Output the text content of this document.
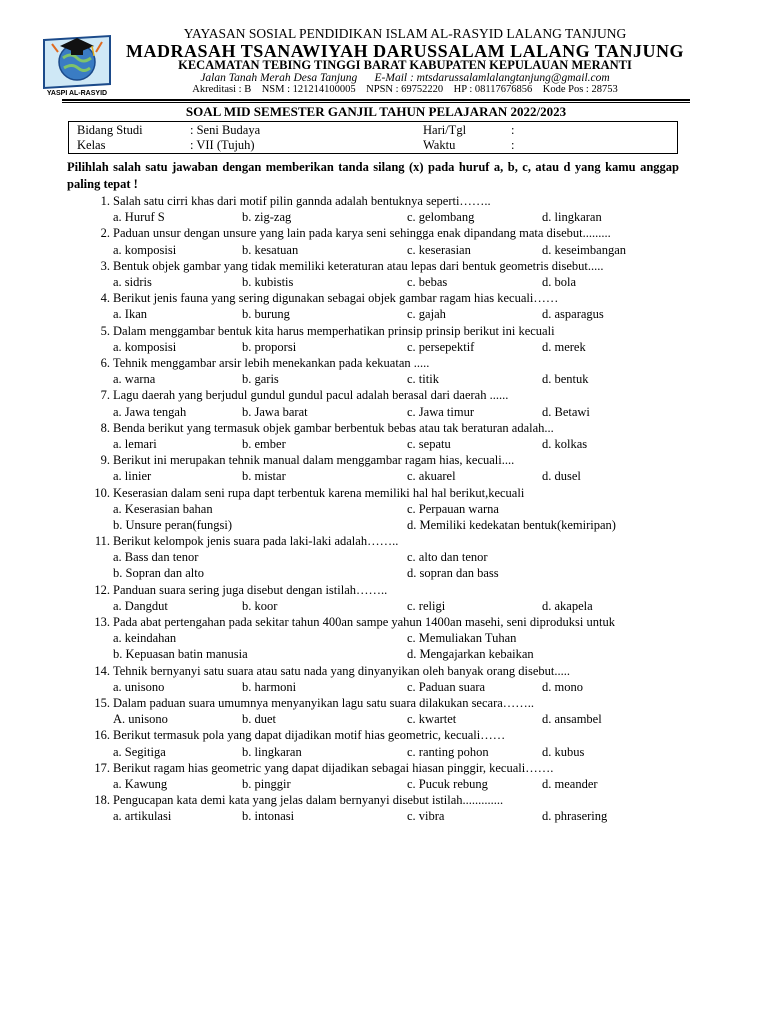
YASPI AL-RASYID
YAYASAN SOSIAL PENDIDIKAN ISLAM AL-RASYID LALANG TANJUNG
MADRASAH TSANAWIYAH DARUSSALAM LALANG TANJUNG
KECAMATAN TEBING TINGGI BARAT KABUPATEN KEPULAUAN MERANTI
Jalan Tanah Merah Desa Tanjung E-Mail : mtsdarussalamlalangtanjung@gmail.com
Akreditasi : B NSM : 121214100005 NPSN : 69752220 HP : 08117676856 Kode Pos : 28753
SOAL MID SEMESTER GANJIL TAHUN PELAJARAN 2022/2023
Bidang Studi	: Seni Budaya	Hari/Tgl	:
Kelas	: VII (Tujuh)	Waktu	:
Pilihlah salah satu jawaban dengan memberikan tanda silang (x) pada huruf a, b, c, atau d yang kamu anggap paling tepat !
1. Salah satu cirri khas dari motif pilin gannda adalah bentuknya seperti……..
a. Huruf S	b. zig-zag	c. gelombang	d. lingkaran
2. Paduan unsur dengan unsure yang lain pada karya seni sehingga enak dipandang mata disebut.........
a. komposisi	b. kesatuan	c. keserasian	d. keseimbangan
3. Bentuk objek gambar yang tidak memiliki keteraturan atau lepas dari bentuk geometris disebut.....
a. sidris	b. kubistis	c. bebas	d. bola
4. Berikut jenis fauna yang sering digunakan sebagai objek gambar ragam hias kecuali……
a. Ikan	b. burung	c. gajah	d. asparagus
5. Dalam menggambar bentuk kita harus memperhatikan prinsip prinsip berikut ini kecuali
a. komposisi	b. proporsi	c. persepektif	d. merek
6. Tehnik menggambar arsir lebih menekankan pada kekuatan .....
a. warna	b. garis	c. titik	d. bentuk
7. Lagu daerah yang berjudul gundul gundul pacul adalah berasal dari daerah ......
a. Jawa tengah	b. Jawa barat	c. Jawa timur	d. Betawi
8. Benda berikut yang termasuk objek gambar berbentuk bebas atau tak beraturan adalah...
a. lemari	b. ember	c. sepatu	d. kolkas
9. Berikut ini merupakan tehnik manual dalam menggambar ragam hias, kecuali....
a. linier	b. mistar	c. akuarel	d. dusel
10. Keserasian dalam seni rupa dapt terbentuk karena memiliki hal hal berikut,kecuali
a. Keserasian bahan	c. Perpauan warna
b. Unsure peran(fungsi)	d. Memiliki kedekatan bentuk(kemiripan)
11. Berikut kelompok jenis suara pada laki-laki adalah……..
a. Bass dan tenor	c. alto dan tenor
b. Sopran dan alto	d. sopran dan bass
12. Panduan suara sering juga disebut dengan istilah……..
a. Dangdut	b. koor	c. religi	d. akapela
13. Pada abat pertengahan pada sekitar tahun 400an sampe yahun 1400an masehi, seni diproduksi untuk
a. keindahan	c. Memuliakan Tuhan
b. Kepuasan batin manusia	d. Mengajarkan kebaikan
14. Tehnik bernyanyi satu suara atau satu nada yang dinyanyikan oleh banyak orang disebut.....
a. unisono	b. harmoni	c. Paduan suara	d. mono
15. Dalam paduan suara umumnya menyanyikan lagu satu suara dilakukan secara……..
A. unisono	b. duet	c. kwartet	d. ansambel
16. Berikut termasuk pola yang dapat dijadikan motif hias geometric, kecuali……
a. Segitiga	b. lingkaran	c. ranting pohon	d. kubus
17. Berikut ragam hias geometric yang dapat dijadikan sebagai hiasan pinggir, kecuali…….
a. Kawung	b. pinggir	c. Pucuk rebung	d. meander
18. Pengucapan kata demi kata yang jelas dalam bernyanyi disebut istilah.............
a. artikulasi	b. intonasi	c. vibra	d. phrasering
